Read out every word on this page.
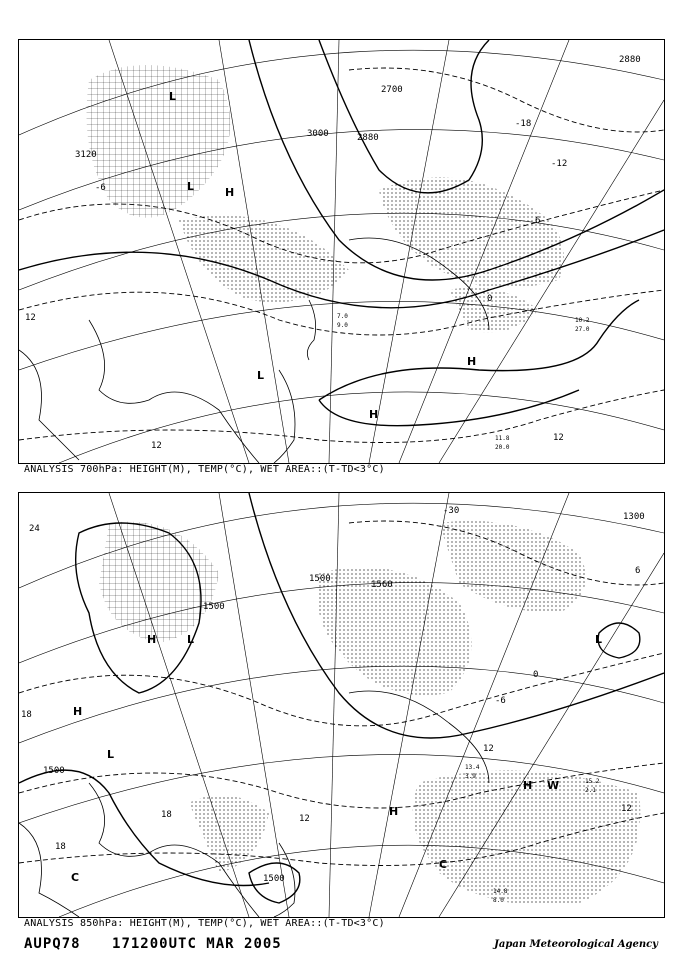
H
L	H
H
L
L
3120
3000	2880
2880
2700
12
12
-18
-12
12
6
0
-6
11.8
20.0
10.2
27.0
7.0
9.0
ANALYSIS 700hPa: HEIGHT(M), TEMP(°C), WET AREA::(T-TD<3°C)
H
L
C
H
H
H
C
L
L
W
1500
1500
1500
1560
1500
1300
24
18
18
12
6
0
-6
12
18	12
-30
13.4
3.9
14.8
8.0
15.2
2.1
ANALYSIS 850hPa: HEIGHT(M), TEMP(°C), WET AREA::(T-TD<3°C)
AUPQ78 171200UTC MAR 2005	Japan Meteorological Agency
